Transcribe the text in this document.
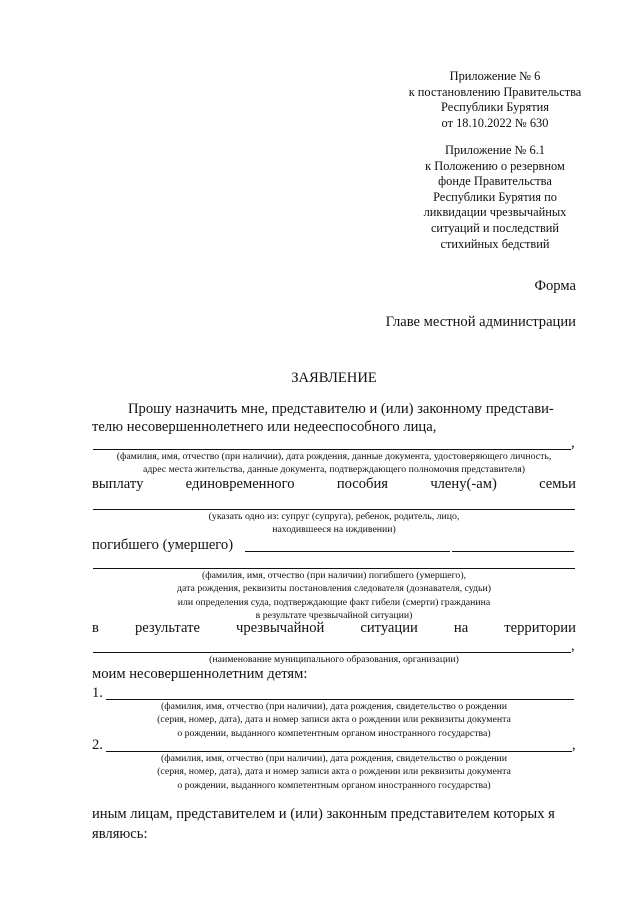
Приложение № 6
к постановлению Правительства
Республики Бурятия
от 18.10.2022 № 630
Приложение № 6.1
к Положению о резервном
фонде Правительства
Республики Бурятия по
ликвидации чрезвычайных
ситуаций и последствий
стихийных бедствий
Форма
Главе местной администрации
ЗАЯВЛЕНИЕ
Прошу назначить мне, представителю и (или) законному представи-
телю несовершеннолетнего или недееспособного лица,
,
(фамилия, имя, отчество (при наличии), дата рождения, данные документа, удостоверяющего личность,
адрес места жительства, данные документа, подтверждающего полномочия представителя)
выплату	единовременного	пособия	члену(-ам)	семьи
(указать одно из: супруг (супруга), ребенок, родитель, лицо,
находившееся на иждивении)
погибшего (умершего)
(фамилия, имя, отчество (при наличии) погибшего (умершего),
дата рождения, реквизиты постановления следователя (дознавателя, судьи)
или определения суда, подтверждающие факт гибели (смерти) гражданина
в результате чрезвычайной ситуации)
в результате чрезвычайной ситуации на территории
,
(наименование муниципального образования, организации)
моим несовершеннолетним детям:
1.
(фамилия, имя, отчество (при наличии), дата рождения, свидетельство о рождении
(серия, номер, дата), дата и номер записи акта о рождении или реквизиты документа
о рождении, выданного компетентным органом иностранного государства)
2.	,
(фамилия, имя, отчество (при наличии), дата рождения, свидетельство о рождении
(серия, номер, дата), дата и номер записи акта о рождении или реквизиты документа
о рождении, выданного компетентным органом иностранного государства)
иным лицам, представителем и (или) законным представителем которых я
являюсь:
